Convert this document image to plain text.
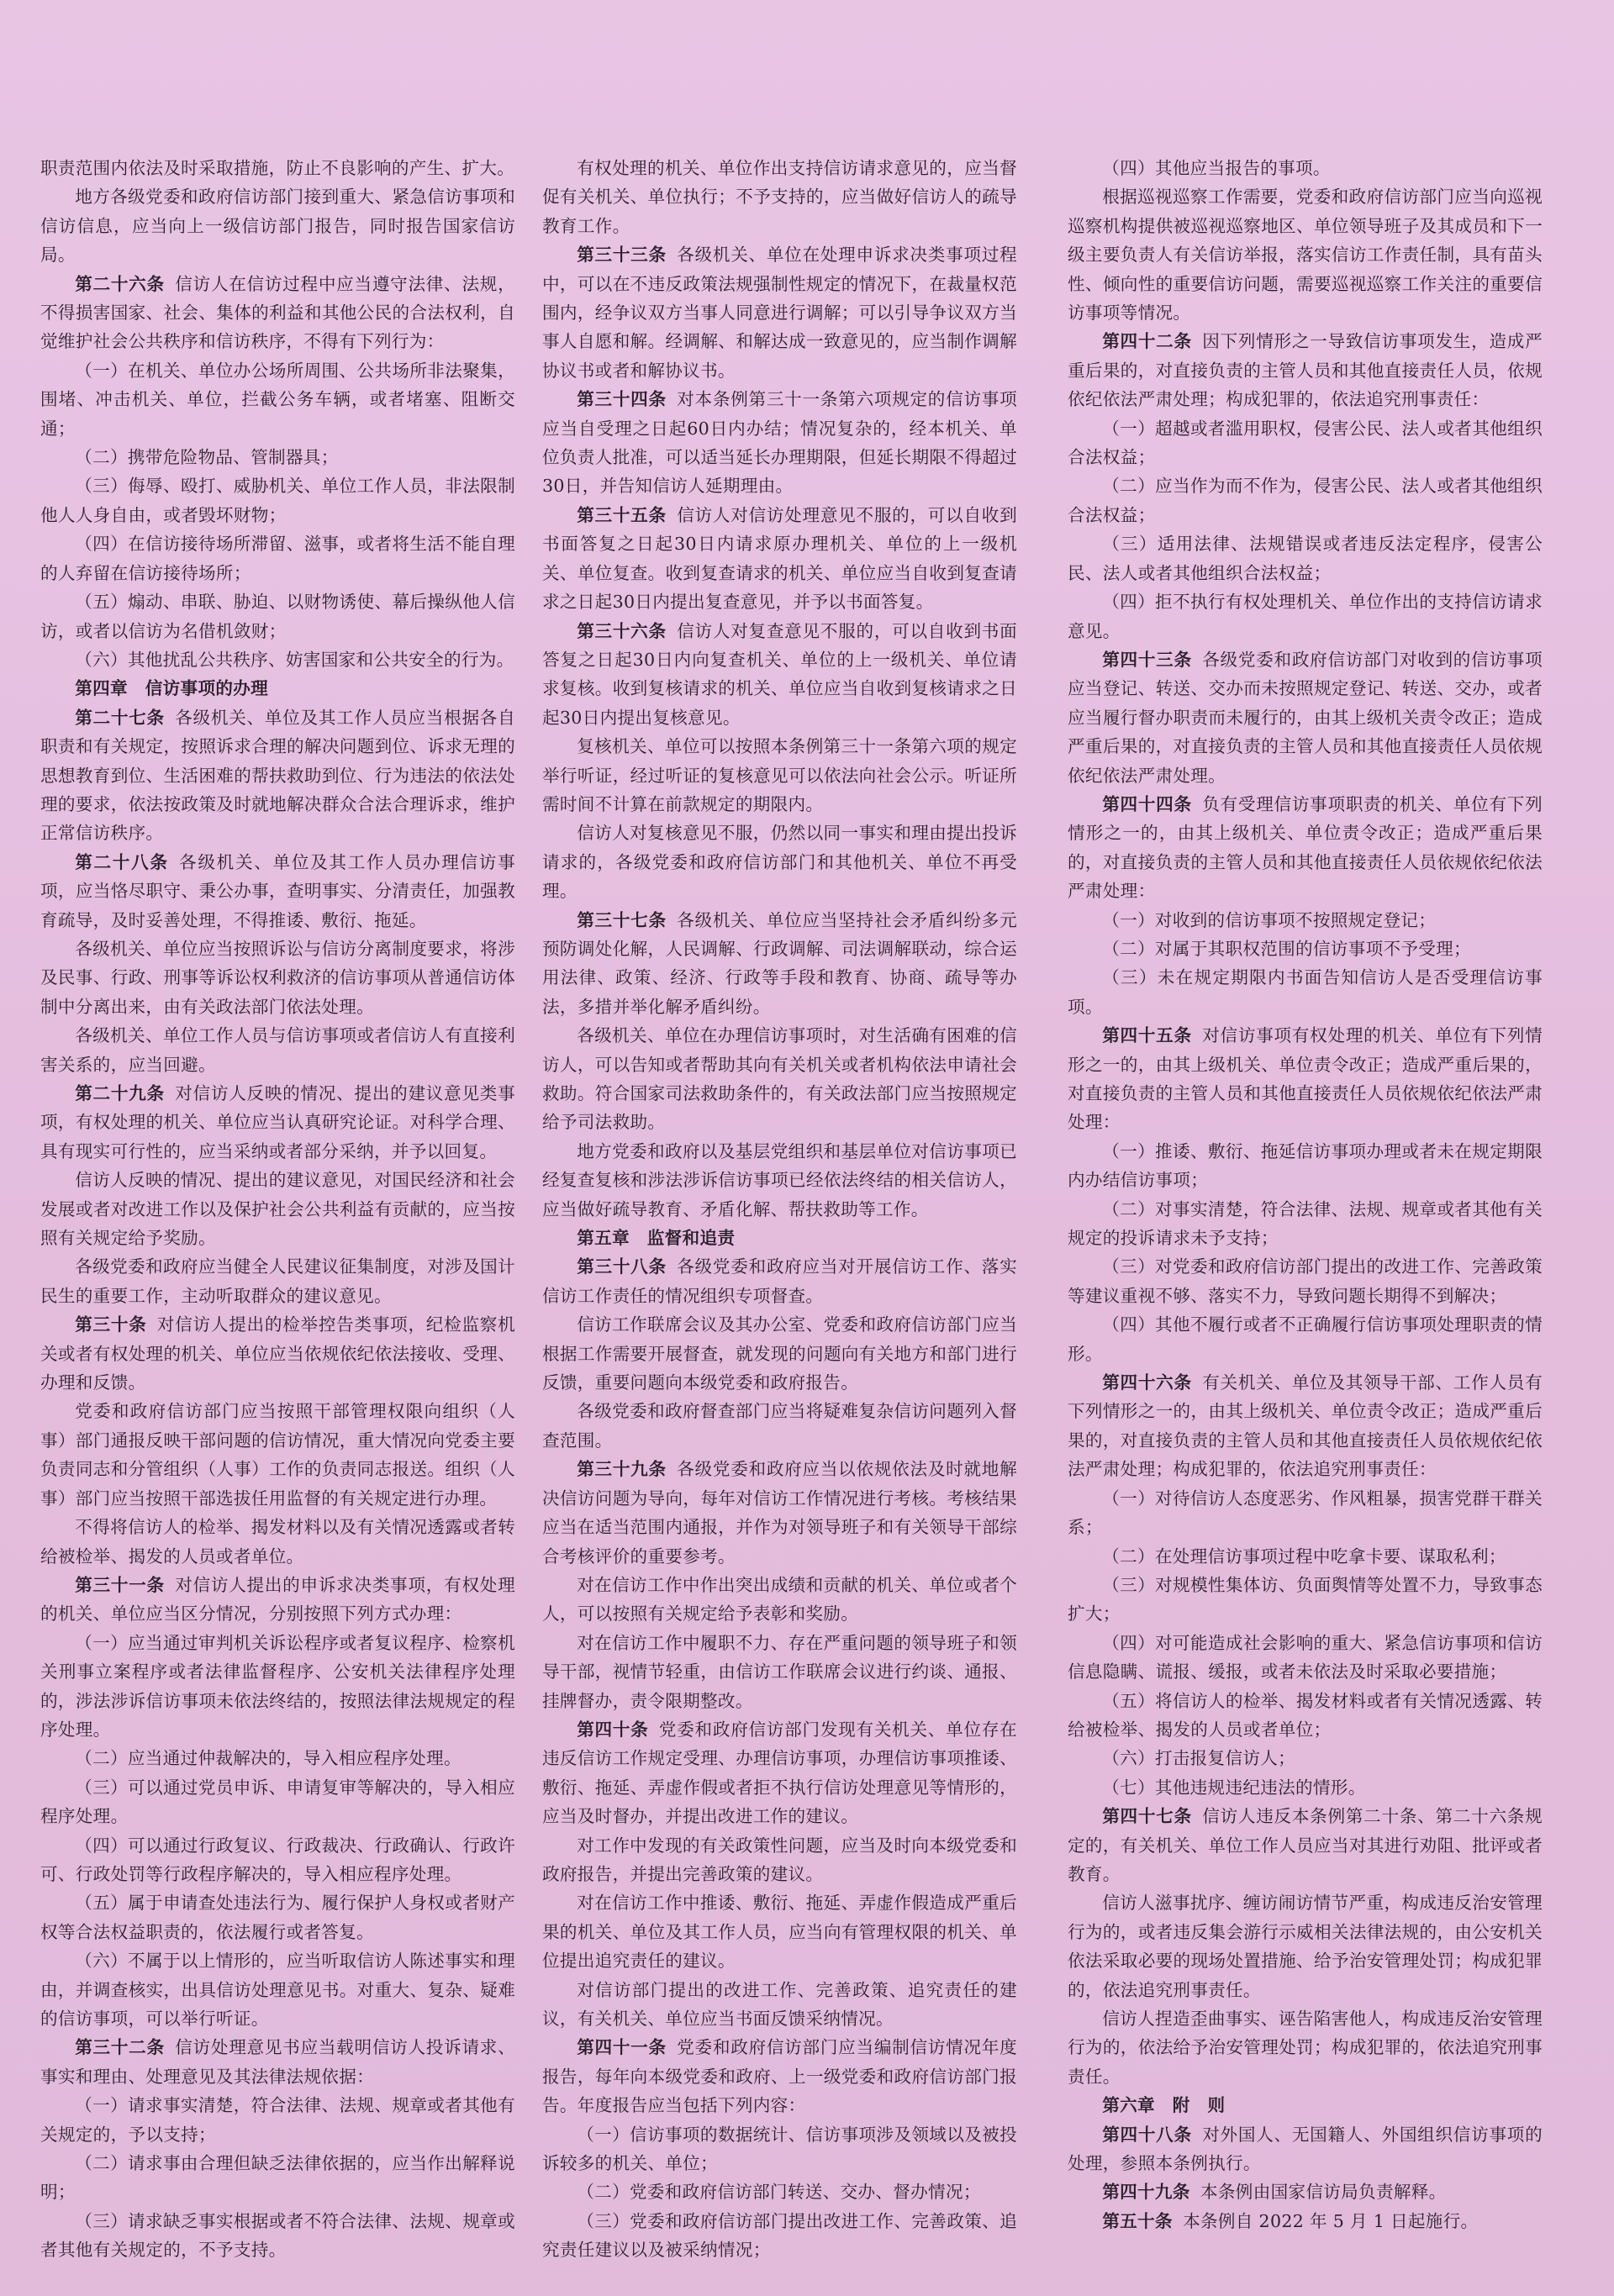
职责范围内依法及时采取措施，防止不良影响的产生、扩大。

地方各级党委和政府信访部门接到重大、紧急信访事项和信访信息，应当向上一级信访部门报告，同时报告国家信访局。

第二十六条 信访人在信访过程中应当遵守法律、法规，不得损害国家、社会、集体的利益和其他公民的合法权利，自觉维护社会公共秩序和信访秩序，不得有下列行为：

（一）在机关、单位办公场所周围、公共场所非法聚集，围堵、冲击机关、单位，拦截公务车辆，或者堵塞、阻断交通；

（二）携带危险物品、管制器具；

（三）侮辱、殴打、威胁机关、单位工作人员，非法限制他人人身自由，或者毁坏财物；

（四）在信访接待场所滞留、滋事，或者将生活不能自理的人弃留在信访接待场所；

（五）煽动、串联、胁迫、以财物诱使、幕后操纵他人信访，或者以信访为名借机敛财；

（六）其他扰乱公共秩序、妨害国家和公共安全的行为。

第四章　信访事项的办理

第二十七条 各级机关、单位及其工作人员应当根据各自职责和有关规定，按照诉求合理的解决问题到位、诉求无理的思想教育到位、生活困难的帮扶救助到位、行为违法的依法处理的要求，依法按政策及时就地解决群众合法合理诉求，维护正常信访秩序。

第二十八条 各级机关、单位及其工作人员办理信访事项，应当恪尽职守、秉公办事，查明事实、分清责任，加强教育疏导，及时妥善处理，不得推诿、敷衍、拖延。

各级机关、单位应当按照诉讼与信访分离制度要求，将涉及民事、行政、刑事等诉讼权利救济的信访事项从普通信访体制中分离出来，由有关政法部门依法处理。

各级机关、单位工作人员与信访事项或者信访人有直接利害关系的，应当回避。

第二十九条 对信访人反映的情况、提出的建议意见类事项，有权处理的机关、单位应当认真研究论证。对科学合理、具有现实可行性的，应当采纳或者部分采纳，并予以回复。

信访人反映的情况、提出的建议意见，对国民经济和社会发展或者对改进工作以及保护社会公共利益有贡献的，应当按照有关规定给予奖励。

各级党委和政府应当健全人民建议征集制度，对涉及国计民生的重要工作，主动听取群众的建议意见。

第三十条 对信访人提出的检举控告类事项，纪检监察机关或者有权处理的机关、单位应当依规依纪依法接收、受理、办理和反馈。

党委和政府信访部门应当按照干部管理权限向组织（人事）部门通报反映干部问题的信访情况，重大情况向党委主要负责同志和分管组织（人事）工作的负责同志报送。组织（人事）部门应当按照干部选拔任用监督的有关规定进行办理。

不得将信访人的检举、揭发材料以及有关情况透露或者转给被检举、揭发的人员或者单位。

第三十一条 对信访人提出的申诉求决类事项，有权处理的机关、单位应当区分情况，分别按照下列方式办理：

（一）应当通过审判机关诉讼程序或者复议程序、检察机关刑事立案程序或者法律监督程序、公安机关法律程序处理的，涉法涉诉信访事项未依法终结的，按照法律法规规定的程序处理。

（二）应当通过仲裁解决的，导入相应程序处理。

（三）可以通过党员申诉、申请复审等解决的，导入相应程序处理。

（四）可以通过行政复议、行政裁决、行政确认、行政许可、行政处罚等行政程序解决的，导入相应程序处理。

（五）属于申请查处违法行为、履行保护人身权或者财产权等合法权益职责的，依法履行或者答复。

（六）不属于以上情形的，应当听取信访人陈述事实和理由，并调查核实，出具信访处理意见书。对重大、复杂、疑难的信访事项，可以举行听证。

第三十二条 信访处理意见书应当载明信访人投诉请求、事实和理由、处理意见及其法律法规依据：

（一）请求事实清楚，符合法律、法规、规章或者其他有关规定的，予以支持；

（二）请求事由合理但缺乏法律依据的，应当作出解释说明；

（三）请求缺乏事实根据或者不符合法律、法规、规章或者其他有关规定的，不予支持。

有权处理的机关、单位作出支持信访请求意见的，应当督促有关机关、单位执行；不予支持的，应当做好信访人的疏导教育工作。

第三十三条 各级机关、单位在处理申诉求决类事项过程中，可以在不违反政策法规强制性规定的情况下，在裁量权范围内，经争议双方当事人同意进行调解；可以引导争议双方当事人自愿和解。经调解、和解达成一致意见的，应当制作调解协议书或者和解协议书。

第三十四条 对本条例第三十一条第六项规定的信访事项应当自受理之日起60日内办结；情况复杂的，经本机关、单位负责人批准，可以适当延长办理期限，但延长期限不得超过30日，并告知信访人延期理由。

第三十五条 信访人对信访处理意见不服的，可以自收到书面答复之日起30日内请求原办理机关、单位的上一级机关、单位复查。收到复查请求的机关、单位应当自收到复查请求之日起30日内提出复查意见，并予以书面答复。

第三十六条 信访人对复查意见不服的，可以自收到书面答复之日起30日内向复查机关、单位的上一级机关、单位请求复核。收到复核请求的机关、单位应当自收到复核请求之日起30日内提出复核意见。

复核机关、单位可以按照本条例第三十一条第六项的规定举行听证，经过听证的复核意见可以依法向社会公示。听证所需时间不计算在前款规定的期限内。

信访人对复核意见不服，仍然以同一事实和理由提出投诉请求的，各级党委和政府信访部门和其他机关、单位不再受理。

第三十七条 各级机关、单位应当坚持社会矛盾纠纷多元预防调处化解，人民调解、行政调解、司法调解联动，综合运用法律、政策、经济、行政等手段和教育、协商、疏导等办法，多措并举化解矛盾纠纷。

各级机关、单位在办理信访事项时，对生活确有困难的信访人，可以告知或者帮助其向有关机关或者机构依法申请社会救助。符合国家司法救助条件的，有关政法部门应当按照规定给予司法救助。

地方党委和政府以及基层党组织和基层单位对信访事项已经复查复核和涉法涉诉信访事项已经依法终结的相关信访人，应当做好疏导教育、矛盾化解、帮扶救助等工作。

第五章　监督和追责

第三十八条 各级党委和政府应当对开展信访工作、落实信访工作责任的情况组织专项督查。

信访工作联席会议及其办公室、党委和政府信访部门应当根据工作需要开展督查，就发现的问题向有关地方和部门进行反馈，重要问题向本级党委和政府报告。

各级党委和政府督查部门应当将疑难复杂信访问题列入督查范围。

第三十九条 各级党委和政府应当以依规依法及时就地解决信访问题为导向，每年对信访工作情况进行考核。考核结果应当在适当范围内通报，并作为对领导班子和有关领导干部综合考核评价的重要参考。

对在信访工作中作出突出成绩和贡献的机关、单位或者个人，可以按照有关规定给予表彰和奖励。

对在信访工作中履职不力、存在严重问题的领导班子和领导干部，视情节轻重，由信访工作联席会议进行约谈、通报、挂牌督办，责令限期整改。

第四十条 党委和政府信访部门发现有关机关、单位存在违反信访工作规定受理、办理信访事项，办理信访事项推诿、敷衍、拖延、弄虚作假或者拒不执行信访处理意见等情形的，应当及时督办，并提出改进工作的建议。

对工作中发现的有关政策性问题，应当及时向本级党委和政府报告，并提出完善政策的建议。

对在信访工作中推诿、敷衍、拖延、弄虚作假造成严重后果的机关、单位及其工作人员，应当向有管理权限的机关、单位提出追究责任的建议。

对信访部门提出的改进工作、完善政策、追究责任的建议，有关机关、单位应当书面反馈采纳情况。

第四十一条 党委和政府信访部门应当编制信访情况年度报告，每年向本级党委和政府、上一级党委和政府信访部门报告。年度报告应当包括下列内容：

（一）信访事项的数据统计、信访事项涉及领域以及被投诉较多的机关、单位；

（二）党委和政府信访部门转送、交办、督办情况；

（三）党委和政府信访部门提出改进工作、完善政策、追究责任建议以及被采纳情况；

（四）其他应当报告的事项。

根据巡视巡察工作需要，党委和政府信访部门应当向巡视巡察机构提供被巡视巡察地区、单位领导班子及其成员和下一级主要负责人有关信访举报，落实信访工作责任制，具有苗头性、倾向性的重要信访问题，需要巡视巡察工作关注的重要信访事项等情况。

第四十二条 因下列情形之一导致信访事项发生，造成严重后果的，对直接负责的主管人员和其他直接责任人员，依规依纪依法严肃处理；构成犯罪的，依法追究刑事责任：

（一）超越或者滥用职权，侵害公民、法人或者其他组织合法权益；

（二）应当作为而不作为，侵害公民、法人或者其他组织合法权益；

（三）适用法律、法规错误或者违反法定程序，侵害公民、法人或者其他组织合法权益；

（四）拒不执行有权处理机关、单位作出的支持信访请求意见。

第四十三条 各级党委和政府信访部门对收到的信访事项应当登记、转送、交办而未按照规定登记、转送、交办，或者应当履行督办职责而未履行的，由其上级机关责令改正；造成严重后果的，对直接负责的主管人员和其他直接责任人员依规依纪依法严肃处理。

第四十四条 负有受理信访事项职责的机关、单位有下列情形之一的，由其上级机关、单位责令改正；造成严重后果的，对直接负责的主管人员和其他直接责任人员依规依纪依法严肃处理：

（一）对收到的信访事项不按照规定登记；

（二）对属于其职权范围的信访事项不予受理；

（三）未在规定期限内书面告知信访人是否受理信访事项。

第四十五条 对信访事项有权处理的机关、单位有下列情形之一的，由其上级机关、单位责令改正；造成严重后果的，对直接负责的主管人员和其他直接责任人员依规依纪依法严肃处理：

（一）推诿、敷衍、拖延信访事项办理或者未在规定期限内办结信访事项；

（二）对事实清楚，符合法律、法规、规章或者其他有关规定的投诉请求未予支持；

（三）对党委和政府信访部门提出的改进工作、完善政策等建议重视不够、落实不力，导致问题长期得不到解决；

（四）其他不履行或者不正确履行信访事项处理职责的情形。

第四十六条 有关机关、单位及其领导干部、工作人员有下列情形之一的，由其上级机关、单位责令改正；造成严重后果的，对直接负责的主管人员和其他直接责任人员依规依纪依法严肃处理；构成犯罪的，依法追究刑事责任：

（一）对待信访人态度恶劣、作风粗暴，损害党群干群关系；

（二）在处理信访事项过程中吃拿卡要、谋取私利；

（三）对规模性集体访、负面舆情等处置不力，导致事态扩大；

（四）对可能造成社会影响的重大、紧急信访事项和信访信息隐瞒、谎报、缓报，或者未依法及时采取必要措施；

（五）将信访人的检举、揭发材料或者有关情况透露、转给被检举、揭发的人员或者单位；

（六）打击报复信访人；

（七）其他违规违纪违法的情形。

第四十七条 信访人违反本条例第二十条、第二十六条规定的，有关机关、单位工作人员应当对其进行劝阻、批评或者教育。

信访人滋事扰序、缠访闹访情节严重，构成违反治安管理行为的，或者违反集会游行示威相关法律法规的，由公安机关依法采取必要的现场处置措施、给予治安管理处罚；构成犯罪的，依法追究刑事责任。

信访人捏造歪曲事实、诬告陷害他人，构成违反治安管理行为的，依法给予治安管理处罚；构成犯罪的，依法追究刑事责任。

第六章　附　则

第四十八条 对外国人、无国籍人、外国组织信访事项的处理，参照本条例执行。

第四十九条 本条例由国家信访局负责解释。

第五十条 本条例自 2022 年 5 月 1 日起施行。
